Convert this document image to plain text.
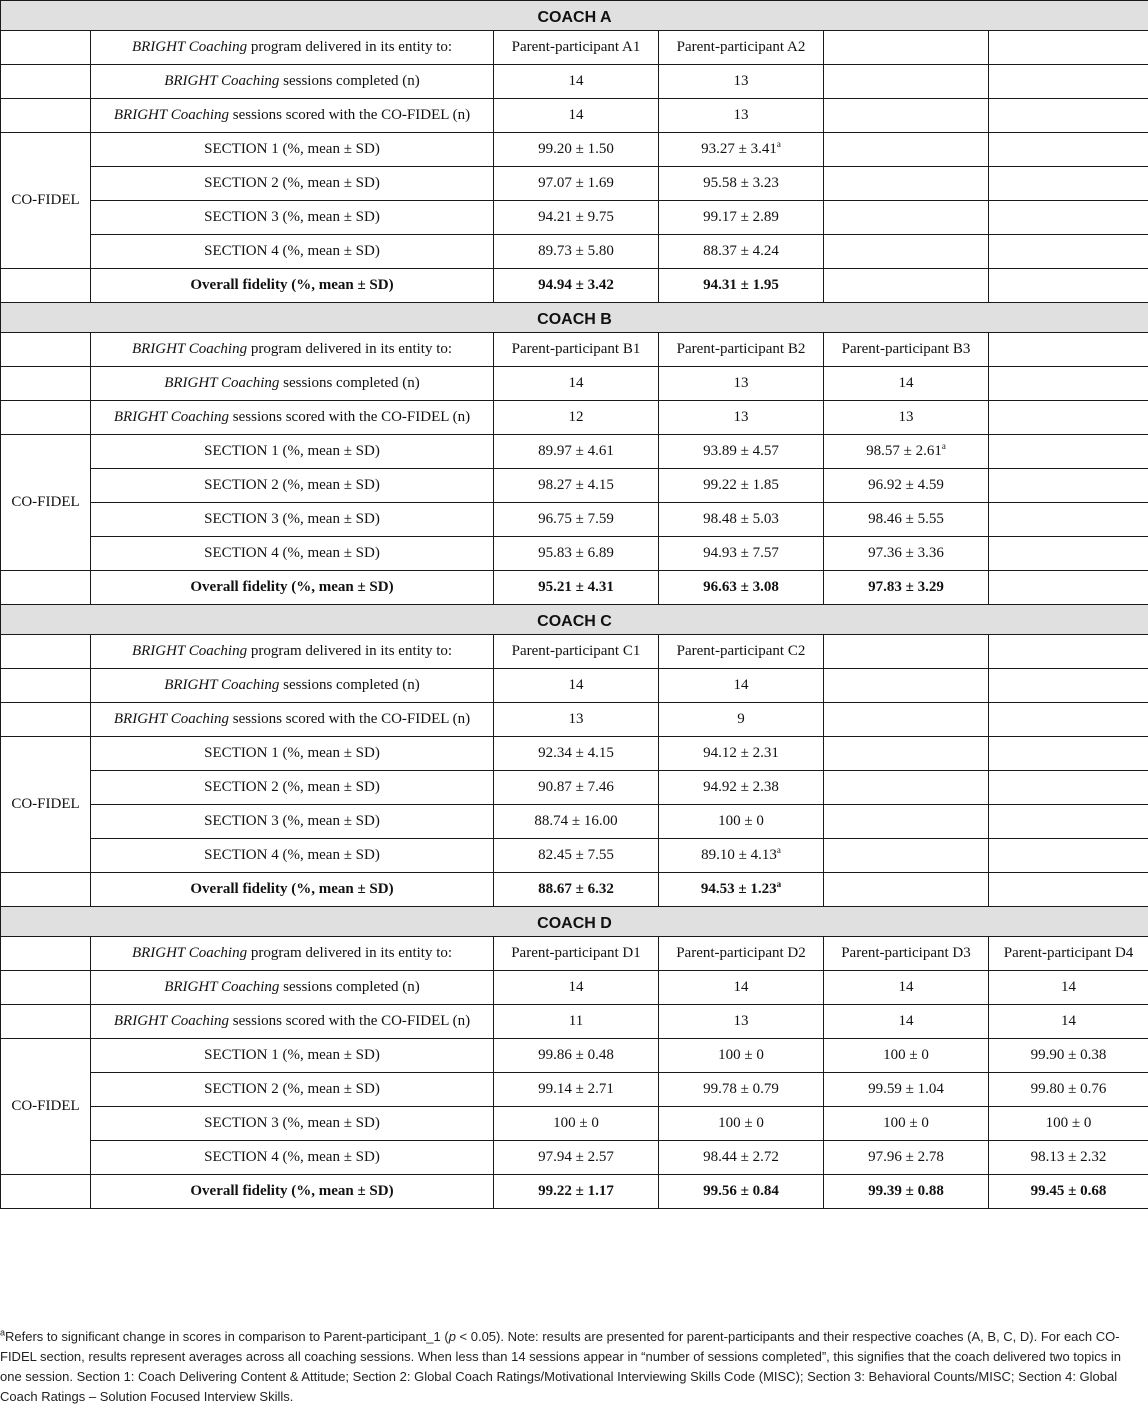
COACH A					
	BRIGHT Coaching program delivered in its entity to:	Parent-participant A1	Parent-participant A2		
	BRIGHT Coaching sessions completed (n)	14	13		
	BRIGHT Coaching sessions scored with the CO-FIDEL (n)	14	13		
CO-FIDEL	SECTION 1 (%, mean ± SD)	99.20 ± 1.50	93.27 ± 3.41$^a$		
	SECTION 2 (%, mean ± SD)	97.07 ± 1.69	95.58 ± 3.23		
	SECTION 3 (%, mean ± SD)	94.21 ± 9.75	99.17 ± 2.89		
	SECTION 4 (%, mean ± SD)	89.73 ± 5.80	88.37 ± 4.24		
	Overall fidelity (%, mean ± SD)	94.94 ± 3.42	94.31 ± 1.95		
COACH B					
	BRIGHT Coaching program delivered in its entity to:	Parent-participant B1	Parent-participant B2	Parent-participant B3	
	BRIGHT Coaching sessions completed (n)	14	13	14	
	BRIGHT Coaching sessions scored with the CO-FIDEL (n)	12	13	13	
CO-FIDEL	SECTION 1 (%, mean ± SD)	89.97 ± 4.61	93.89 ± 4.57	98.57 ± 2.61$^a$	
	SECTION 2 (%, mean ± SD)	98.27 ± 4.15	99.22 ± 1.85	96.92 ± 4.59	
	SECTION 3 (%, mean ± SD)	96.75 ± 7.59	98.48 ± 5.03	98.46 ± 5.55	
	SECTION 4 (%, mean ± SD)	95.83 ± 6.89	94.93 ± 7.57	97.36 ± 3.36	
	Overall fidelity (%, mean ± SD)	95.21 ± 4.31	96.63 ± 3.08	97.83 ± 3.29	
COACH C					
	BRIGHT Coaching program delivered in its entity to:	Parent-participant C1	Parent-participant C2		
	BRIGHT Coaching sessions completed (n)	14	14		
	BRIGHT Coaching sessions scored with the CO-FIDEL (n)	13	9		
CO-FIDEL	SECTION 1 (%, mean ± SD)	92.34 ± 4.15	94.12 ± 2.31		
	SECTION 2 (%, mean ± SD)	90.87 ± 7.46	94.92 ± 2.38		
	SECTION 3 (%, mean ± SD)	88.74 ± 16.00	100 ± 0		
	SECTION 4 (%, mean ± SD)	82.45 ± 7.55	89.10 ± 4.13$^a$		
	Overall fidelity (%, mean ± SD)	88.67 ± 6.32	94.53 ± 1.23$^a$		
COACH D					
	BRIGHT Coaching program delivered in its entity to:	Parent-participant D1	Parent-participant D2	Parent-participant D3	Parent-participant D4
	BRIGHT Coaching sessions completed (n)	14	14	14	14
	BRIGHT Coaching sessions scored with the CO-FIDEL (n)	11	13	14	14
CO-FIDEL	SECTION 1 (%, mean ± SD)	99.86 ± 0.48	100 ± 0	100 ± 0	99.90 ± 0.38
	SECTION 2 (%, mean ± SD)	99.14 ± 2.71	99.78 ± 0.79	99.59 ± 1.04	99.80 ± 0.76
	SECTION 3 (%, mean ± SD)	100 ± 0	100 ± 0	100 ± 0	100 ± 0
	SECTION 4 (%, mean ± SD)	97.94 ± 2.57	98.44 ± 2.72	97.96 ± 2.78	98.13 ± 2.32
	Overall fidelity (%, mean ± SD)	99.22 ± 1.17	99.56 ± 0.84	99.39 ± 0.88	99.45 ± 0.68

$^a$Refers to significant change in scores in comparison to Parent-participant_1 (p < 0.05). Note: results are presented for parent-participants and their respective coaches (A, B, C, D). For each CO-FIDEL section, results represent averages across all coaching sessions. When less than 14 sessions appear in “number of sessions completed”, this signifies that the coach delivered two topics in one session. Section 1: Coach Delivering Content & Attitude; Section 2: Global Coach Ratings/Motivational Interviewing Skills Code (MISC); Section 3: Behavioral Counts/MISC; Section 4: Global Coach Ratings – Solution Focused Interview Skills.
